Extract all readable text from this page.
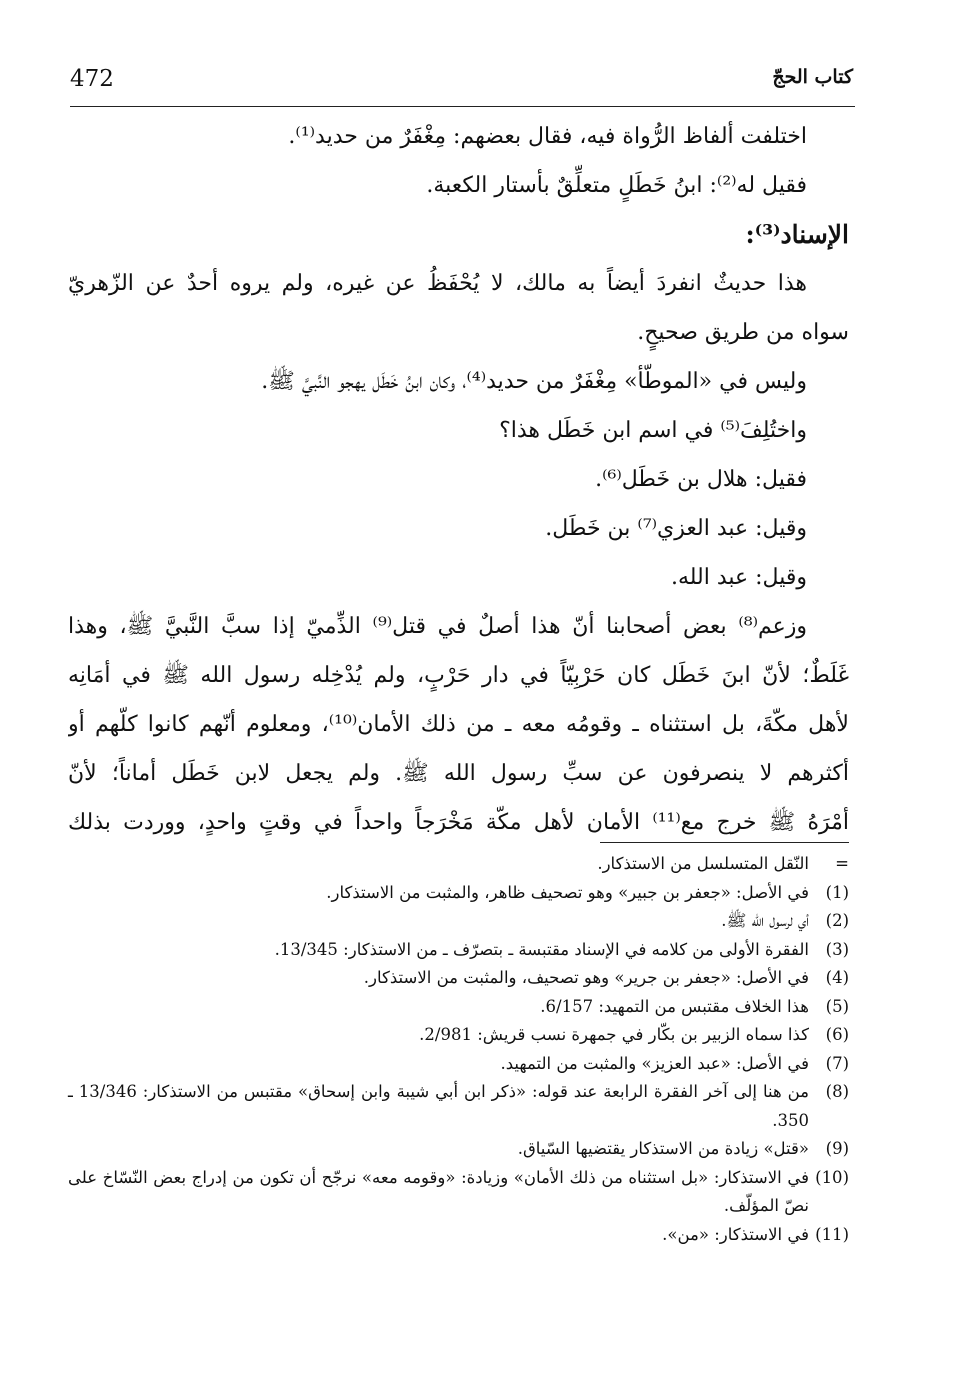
472	كتاب الحجّ

اختلفت ألفاظ الرُّواة فيه، فقال بعضهم: مِغْفَرٌ من حديد⁽¹⁾.

فقيل له⁽²⁾: ابنُ خَطَلٍ متعلِّقٌ بأستار الكعبة.

الإسناد⁽³⁾:

هذا حديثٌ انفردَ أيضاً به مالك، لا يُحْفَظُ عن غيره، ولم يروه أحدٌ عن الزّهريّ

سواه من طريق صحيحٍ.

وليس في «الموطّأ» مِغْفَرٌ من حديد⁽⁴⁾، وكان ابنُ خَطَل يهجو النَّبيَّ ﷺ.

واختُلِفَ⁽⁵⁾ في اسم ابن خَطَل هذا؟

فقيل: هلال بن خَطَل⁽⁶⁾.

وقيل: عبد العزي⁽⁷⁾ بن خَطَل.

وقيل: عبد الله.

وزعم⁽⁸⁾ بعض أصحابنا أنّ هذا أصلٌ في قتل⁽⁹⁾ الذِّميّ إذا سبَّ النَّبيَّ ﷺ، وهذا

غَلَطٌ؛ لأنّ ابنَ خَطَل كان حَرْبِيّاً في دار حَرْبٍ، ولم يُدْخِله رسول الله ﷺ في أمَانِه

لأهل مكّةَ، بل استثناه ـ وقومُه معه ـ من ذلك الأمان⁽¹⁰⁾، ومعلوم أنّهم كانوا كلّهم أو

أكثرهم لا ينصرفون عن سبِّ رسول الله ﷺ. ولم يجعل لابن خَطَل أماناً؛ لأنّ

أمْرَهُ ﷺ خرج مع⁽¹¹⁾ الأمان لأهل مكّة مَخْرَجاً واحداً في وقتٍ واحدٍ، ووردت بذلك

=
النّقل المتسلسل من الاستذكار.
(1)
في الأصل: «جعفر بن جبير» وهو تصحيف ظاهر، والمثبت من الاستذكار.
(2)
أي لرسول الله ﷺ.
(3)
الفقرة الأولى من كلامه في الإسناد مقتبسة ـ بتصرّف ـ من الاستذكار: 13/345.
(4)
في الأصل: «جعفر بن جرير» وهو تصحيف، والمثبت من الاستذكار.
(5)
هذا الخلاف مقتبس من التمهيد: 6/157.
(6)
كذا سماه الزبير بن بكّار في جمهرة نسب قريش: 2/981.
(7)
في الأصل: «عبد العزيز» والمثبت من التمهيد.
(8)
من هنا إلى آخر الفقرة الرابعة عند قوله: «ذكر ابن أبي شيبة وابن إسحاق» مقتبس من الاستذكار: 13/346 ـ 350.
(9)
«قتل» زيادة من الاستذكار يقتضيها السّياق.
(10)
في الاستذكار: «بل استثناه من ذلك الأمان» وزيادة: «وقومه معه» نرجّح أن تكون من إدراج بعض النّسّاخ على نصّ المؤلّف.
(11)
في الاستذكار: «من».
